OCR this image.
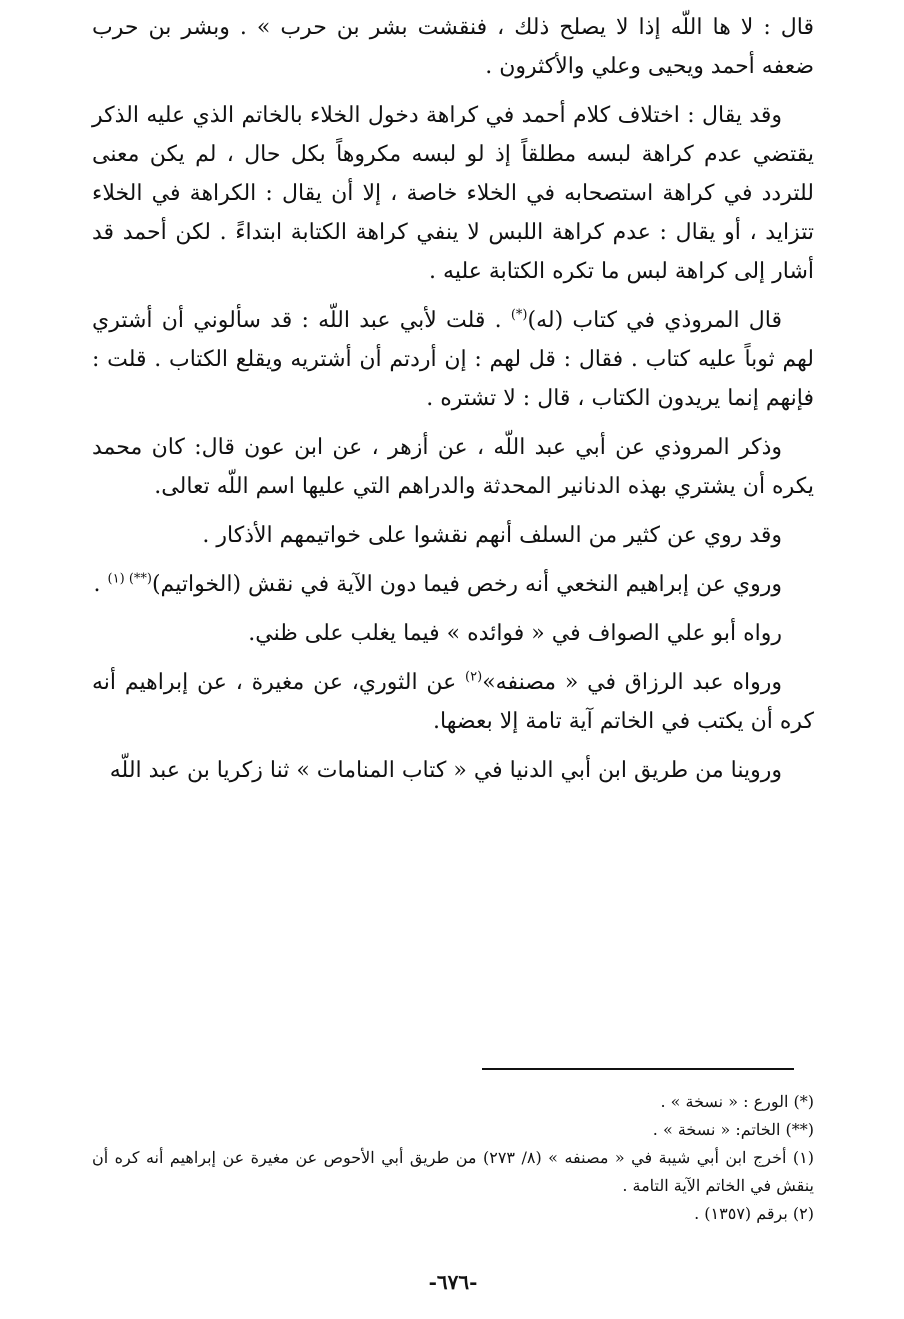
قال : لا ها اللّه إذا لا يصلح ذلك ، فنقشت بشر بن حرب » . وبشر بن حرب ضعفه أحمد ويحيى وعلي والأكثرون .

وقد يقال : اختلاف كلام أحمد في كراهة دخول الخلاء بالخاتم الذي عليه الذكر يقتضي عدم كراهة لبسه مطلقاً إذ لو لبسه مكروهاً بكل حال ، لم يكن معنى للتردد في كراهة استصحابه في الخلاء خاصة ، إلا أن يقال : الكراهة في الخلاء تتزايد ، أو يقال : عدم كراهة اللبس لا ينفي كراهة الكتابة ابتداءً . لكن أحمد قد أشار إلى كراهة لبس ما تكره الكتابة عليه .

قال المروذي في كتاب (له)(*) . قلت لأبي عبد اللّه : قد سألوني أن أشتري لهم ثوباً عليه كتاب . فقال : قل لهم : إن أردتم أن أشتريه ويقلع الكتاب . قلت : فإنهم إنما يريدون الكتاب ، قال : لا تشتره .

وذكر المروذي عن أبي عبد اللّه ، عن أزهر ، عن ابن عون قال: كان محمد يكره أن يشتري بهذه الدنانير المحدثة والدراهم التي عليها اسم اللّه تعالى.

وقد روي عن كثير من السلف أنهم نقشوا على خواتيمهم الأذكار .

وروي عن إبراهيم النخعي أنه رخص فيما دون الآية في نقش (الخواتيم)$^{(**) (١)}$ .

رواه أبو علي الصواف في « فوائده » فيما يغلب على ظني.

ورواه عبد الرزاق في « مصنفه»$^{(٢)}$ عن الثوري، عن مغيرة ، عن إبراهيم أنه كره أن يكتب في الخاتم آية تامة إلا بعضها.

وروينا من طريق ابن أبي الدنيا في « كتاب المنامات » ثنا زكريا بن عبد اللّه

(*) الورع : « نسخة » .

(**) الخاتم: « نسخة » .

(١) أخرج ابن أبي شيبة في « مصنفه » (٨/ ٢٧٣) من طريق أبي الأحوص عن مغيرة عن إبراهيم أنه كره أن ينقش في الخاتم الآية التامة .

(٢) برقم (١٣٥٧) .

-٦٧٦-
